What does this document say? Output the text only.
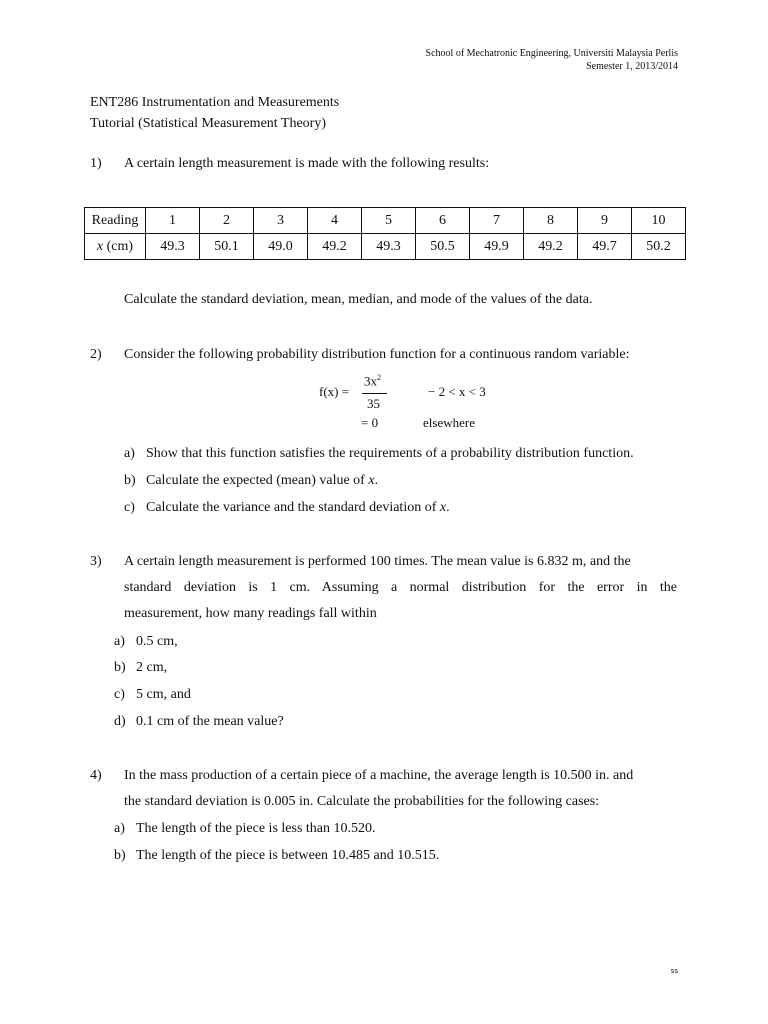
School of Mechatronic Engineering, Universiti Malaysia Perlis
Semester 1, 2013/2014
ENT286 Instrumentation and Measurements
Tutorial (Statistical Measurement Theory)
1) A certain length measurement is made with the following results:
Reading	1	2	3	4	5	6	7	8	9	10
x (cm)	49.3	50.1	49.0	49.2	49.3	50.5	49.9	49.2	49.7	50.2
Calculate the standard deviation, mean, median, and mode of the values of the data.
2) Consider the following probability distribution function for a continuous random variable:
f(x) =
$3x^2$
35
− 2 < x < 3
= 0	elsewhere
a) Show that this function satisfies the requirements of a probability distribution function.
b) Calculate the expected (mean) value of x.
c) Calculate the variance and the standard deviation of x.
3) A certain length measurement is performed 100 times. The mean value is 6.832 m, and the
standard deviation is 1 cm. Assuming a normal distribution for the error in the
measurement, how many readings fall within
a) 0.5 cm,
b) 2 cm,
c) 5 cm, and
d) 0.1 cm of the mean value?
4) In the mass production of a certain piece of a machine, the average length is 10.500 in. and
the standard deviation is 0.005 in. Calculate the probabilities for the following cases:
a) The length of the piece is less than 10.520.
b) The length of the piece is between 10.485 and 10.515.
ss
